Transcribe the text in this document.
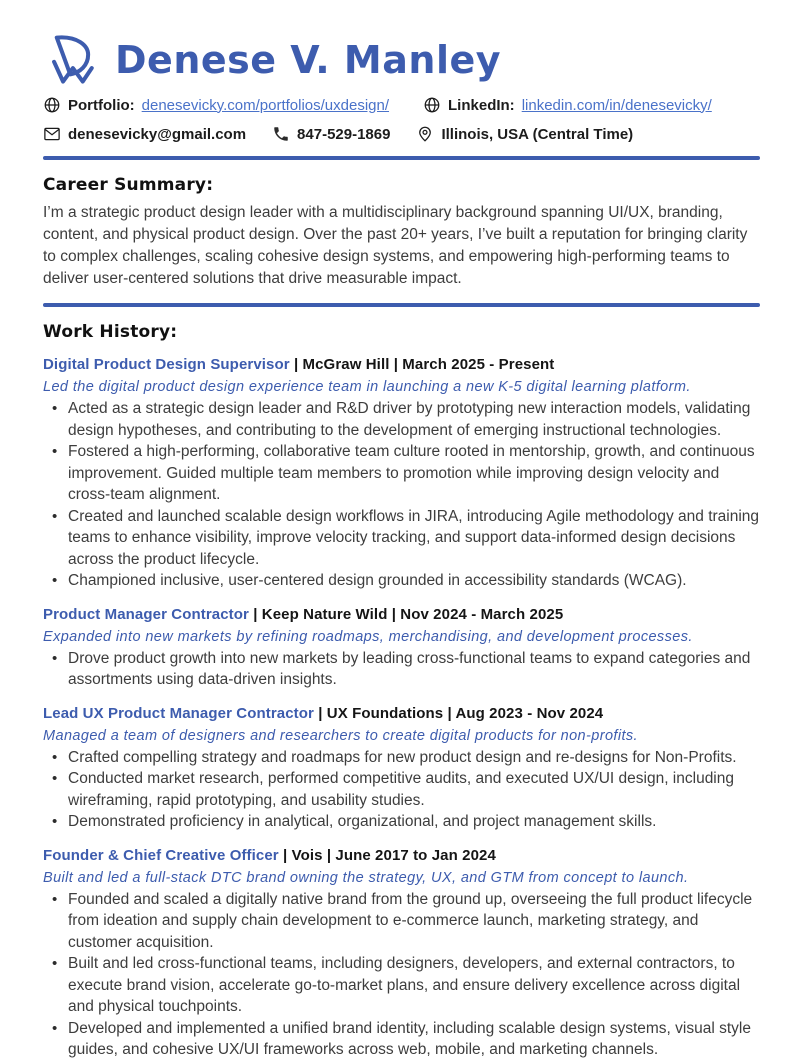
Denese V. Manley
Portfolio: denesevicky.com/portfolios/uxdesign/	LinkedIn: linkedin.com/in/denesevicky/
denesevicky@gmail.com	847-529-1869	Illinois, USA (Central Time)
Career Summary:

I’m a strategic product design leader with a multidisciplinary background spanning UI/UX, branding, content, and physical product design. Over the past 20+ years, I’ve built a reputation for bringing clarity to complex challenges, scaling cohesive design systems, and empowering high-performing teams to deliver user-centered solutions that drive measurable impact.

Work History:
Digital Product Design Supervisor | McGraw Hill | March 2025 - Present

Led the digital product design experience team in launching a new K-5 digital learning platform.

• Acted as a strategic design leader and R&D driver by prototyping new interaction models, validating design hypotheses, and contributing to the development of emerging instructional technologies.
• Fostered a high-performing, collaborative team culture rooted in mentorship, growth, and continuous improvement. Guided multiple team members to promotion while improving design velocity and cross-team alignment.
• Created and launched scalable design workflows in JIRA, introducing Agile methodology and training teams to enhance visibility, improve velocity tracking, and support data-informed design decisions across the product lifecycle.
• Championed inclusive, user-centered design grounded in accessibility standards (WCAG).
Product Manager Contractor | Keep Nature Wild | Nov 2024 - March 2025

Expanded into new markets by refining roadmaps, merchandising, and development processes.

• Drove product growth into new markets by leading cross-functional teams to expand categories and assortments using data-driven insights.
Lead UX Product Manager Contractor | UX Foundations | Aug 2023 - Nov 2024

Managed a team of designers and researchers to create digital products for non-profits.

• Crafted compelling strategy and roadmaps for new product design and re-designs for Non-Profits.
• Conducted market research, performed competitive audits, and executed UX/UI design, including wireframing, rapid prototyping, and usability studies.
• Demonstrated proficiency in analytical, organizational, and project management skills.
Founder & Chief Creative Officer | Vois | June 2017 to Jan 2024

Built and led a full-stack DTC brand owning the strategy, UX, and GTM from concept to launch.

• Founded and scaled a digitally native brand from the ground up, overseeing the full product lifecycle from ideation and supply chain development to e-commerce launch, marketing strategy, and customer acquisition.
• Built and led cross-functional teams, including designers, developers, and external contractors, to execute brand vision, accelerate go-to-market plans, and ensure delivery excellence across digital and physical touchpoints.
• Developed and implemented a unified brand identity, including scalable design systems, visual style guides, and cohesive UX/UI frameworks across web, mobile, and marketing channels.
